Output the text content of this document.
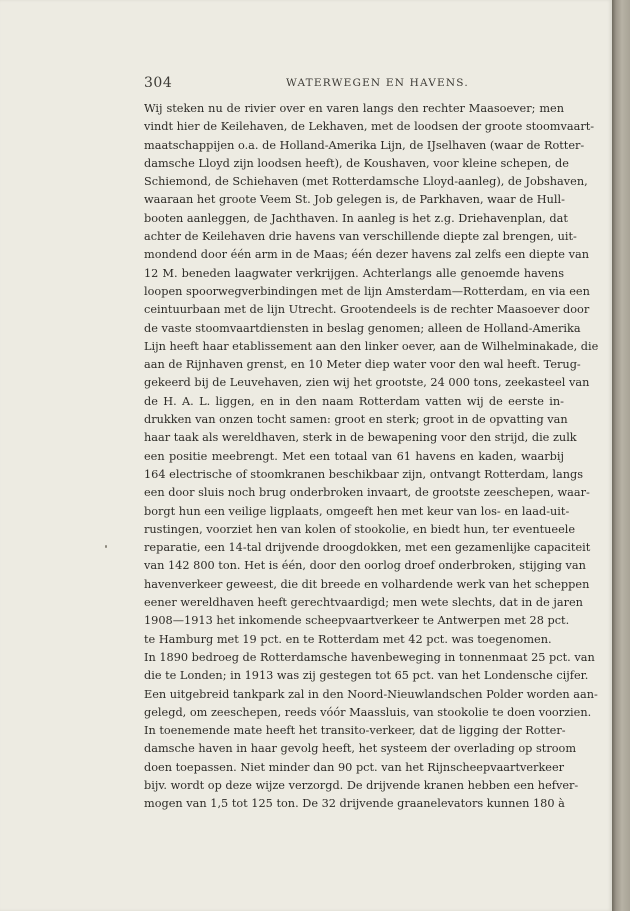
304	WATERWEGEN EN HAVENS.
Wij steken nu de rivier over en varen langs den rechter Maasoever; men
vindt hier de Keilehaven, de Lekhaven, met de loodsen der groote stoomvaart-
maatschappijen o.a. de Holland-Amerika Lijn, de IJselhaven (waar de Rotter-
damsche Lloyd zijn loodsen heeft), de Koushaven, voor kleine schepen, de
Schiemond, de Schiehaven (met Rotterdamsche Lloyd-aanleg), de Jobshaven,
waaraan het groote Veem St. Job gelegen is, de Parkhaven, waar de Hull-
booten aanleggen, de Jachthaven. In aanleg is het z.g. Driehavenplan, dat
achter de Keilehaven drie havens van verschillende diepte zal brengen, uit-
mondend door één arm in de Maas; één dezer havens zal zelfs een diepte van
12 M. beneden laagwater verkrijgen. Achterlangs alle genoemde havens
loopen spoorwegverbindingen met de lijn Amsterdam—Rotterdam, en via een
ceintuurbaan met de lijn Utrecht. Grootendeels is de rechter Maasoever door
de vaste stoomvaartdiensten in beslag genomen; alleen de Holland-Amerika
Lijn heeft haar etablissement aan den linker oever, aan de Wilhelminakade, die
aan de Rijnhaven grenst, en 10 Meter diep water voor den wal heeft. Terug-
gekeerd bij de Leuvehaven, zien wij het grootste, 24 000 tons, zeekasteel van
de H. A. L. liggen, en in den naam Rotterdam vatten wij de eerste in-
drukken van onzen tocht samen: groot en sterk; groot in de opvatting van
haar taak als wereldhaven, sterk in de bewapening voor den strijd, die zulk
een positie meebrengt. Met een totaal van 61 havens en kaden, waarbij
164 electrische of stoomkranen beschikbaar zijn, ontvangt Rotterdam, langs
een door sluis noch brug onderbroken invaart, de grootste zeeschepen, waar-
borgt hun een veilige ligplaats, omgeeft hen met keur van los- en laad-uit-
rustingen, voorziet hen van kolen of stookolie, en biedt hun, ter eventueele
reparatie, een 14-tal drijvende droogdokken, met een gezamenlijke capaciteit
van 142 800 ton. Het is één, door den oorlog droef onderbroken, stijging van
havenverkeer geweest, die dit breede en volhardende werk van het scheppen
eener wereldhaven heeft gerechtvaardigd; men wete slechts, dat in de jaren
1908—1913 het inkomende scheepvaartverkeer te Antwerpen met 28 pct.
te Hamburg met 19 pct. en te Rotterdam met 42 pct. was toegenomen.
In 1890 bedroeg de Rotterdamsche havenbeweging in tonnenmaat 25 pct. van
die te Londen; in 1913 was zij gestegen tot 65 pct. van het Londensche cijfer.
Een uitgebreid tankpark zal in den Noord-Nieuwlandschen Polder worden aan-
gelegd, om zeeschepen, reeds vóór Maassluis, van stookolie te doen voorzien.
In toenemende mate heeft het transito-verkeer, dat de ligging der Rotter-
damsche haven in haar gevolg heeft, het systeem der overlading op stroom
doen toepassen. Niet minder dan 90 pct. van het Rijnscheepvaartverkeer
bijv. wordt op deze wijze verzorgd. De drijvende kranen hebben een hefver-
mogen van 1,5 tot 125 ton. De 32 drijvende graanelevators kunnen 180 à
